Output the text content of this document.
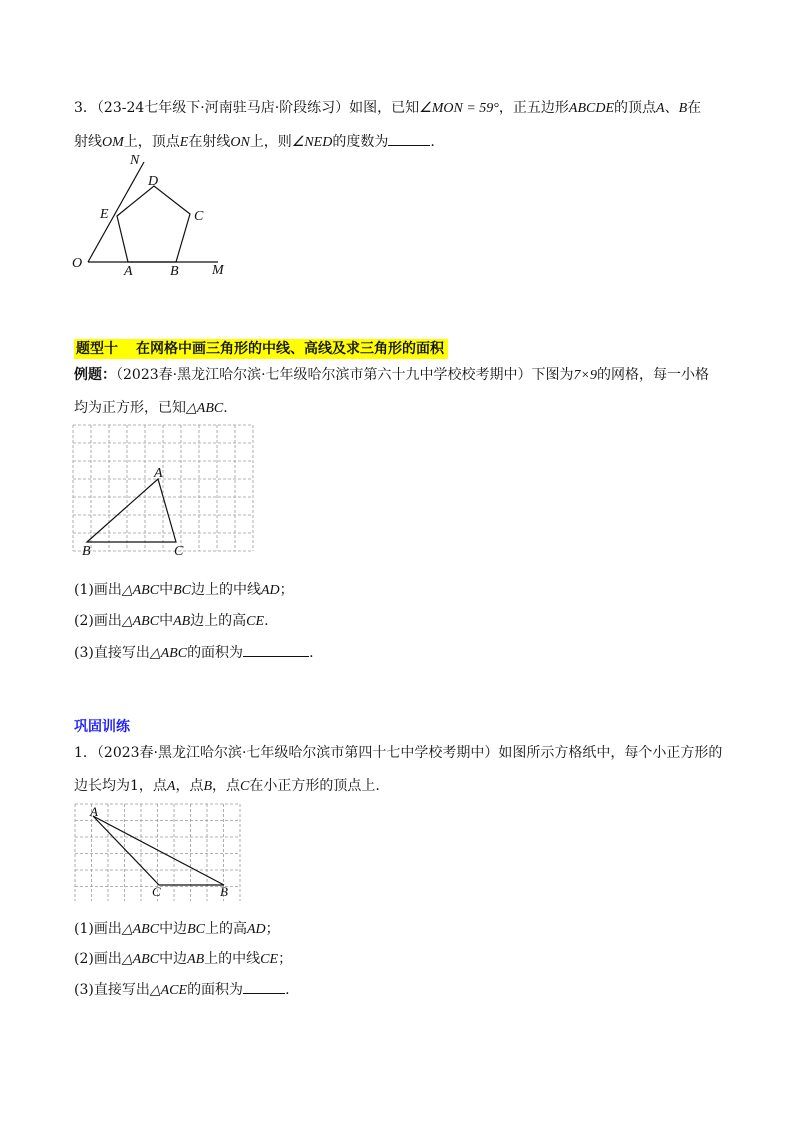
3．（23-24七年级下·河南驻马店·阶段练习）如图，已知∠MON = 59°，正五边形ABCDE的顶点A、B在
射线OM上，顶点E在射线ON上，则∠NED的度数为	.
N
D
E	C
O
A	B M
题型十 在网格中画三角形的中线、高线及求三角形的面积
例题：（2023春·黑龙江哈尔滨·七年级哈尔滨市第六十九中学校校考期中）下图为7×9的网格，每一小格
均为正方形，已知△ABC.
A
B	C
(1)画出△ABC中BC边上的中线AD；
(2)画出△ABC中AB边上的高CE.
(3)直接写出△ABC的面积为	.
巩固训练
1．（2023春·黑龙江哈尔滨·七年级哈尔滨市第四十七中学校考期中）如图所示方格纸中，每个小正方形的
边长均为1，点A，点B，点C在小正方形的顶点上.
A
C	B
(1)画出△ABC中边BC上的高AD；
(2)画出△ABC中边AB上的中线CE；
(3)直接写出△ACE的面积为	.
